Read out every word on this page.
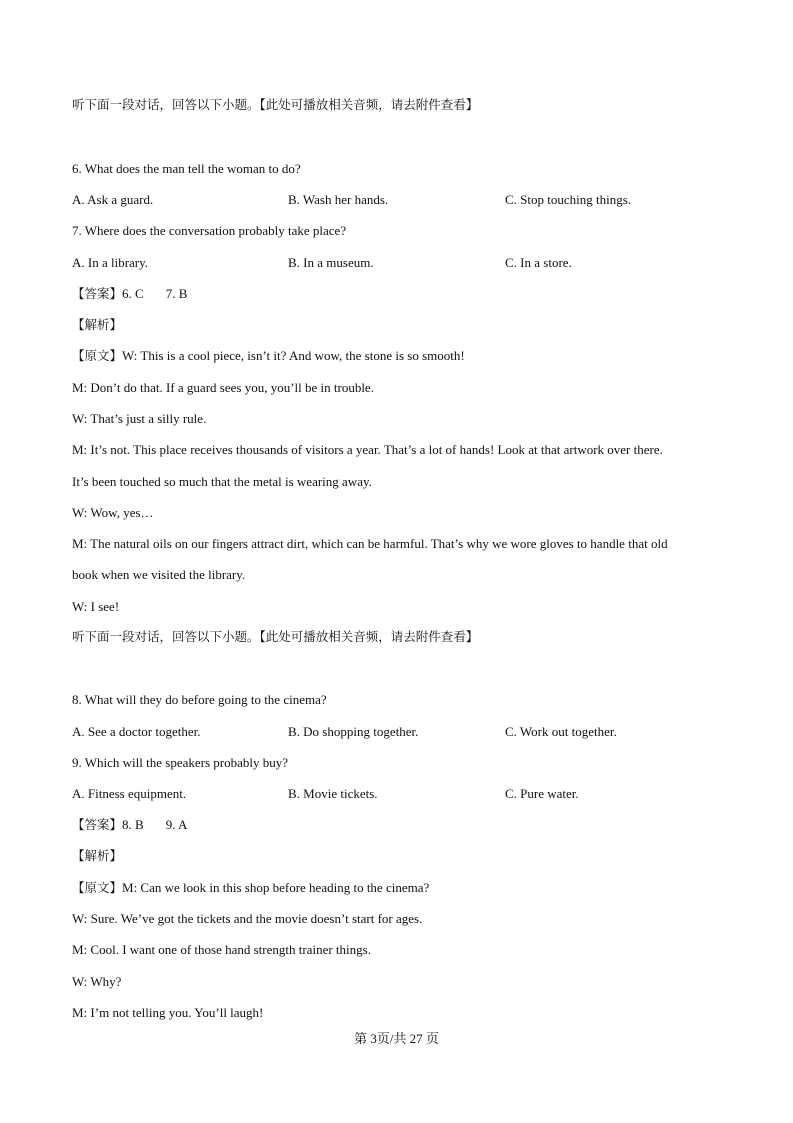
听下面一段对话，回答以下小题。【此处可播放相关音频，请去附件查看】
6. What does the man tell the woman to do?
A. Ask a guard.	B. Wash her hands.	C. Stop touching things.
7. Where does the conversation probably take place?
A. In a library.	B. In a museum.	C. In a store.
【答案】6. C 7. B
【解析】
【原文】W: This is a cool piece, isn’t it? And wow, the stone is so smooth!
M: Don’t do that. If a guard sees you, you’ll be in trouble.
W: That’s just a silly rule.
M: It’s not. This place receives thousands of visitors a year. That’s a lot of hands! Look at that artwork over there.
It’s been touched so much that the metal is wearing away.
W: Wow, yes…
M: The natural oils on our fingers attract dirt, which can be harmful. That’s why we wore gloves to handle that old
book when we visited the library.
W: I see!
听下面一段对话，回答以下小题。【此处可播放相关音频，请去附件查看】
8. What will they do before going to the cinema?
A. See a doctor together.	B. Do shopping together.	C. Work out together.
9. Which will the speakers probably buy?
A. Fitness equipment.	B. Movie tickets.	C. Pure water.
【答案】8. B 9. A
【解析】
【原文】M: Can we look in this shop before heading to the cinema?
W: Sure. We’ve got the tickets and the movie doesn’t start for ages.
M: Cool. I want one of those hand strength trainer things.
W: Why?
M: I’m not telling you. You’ll laugh!
第 3页/共 27 页
